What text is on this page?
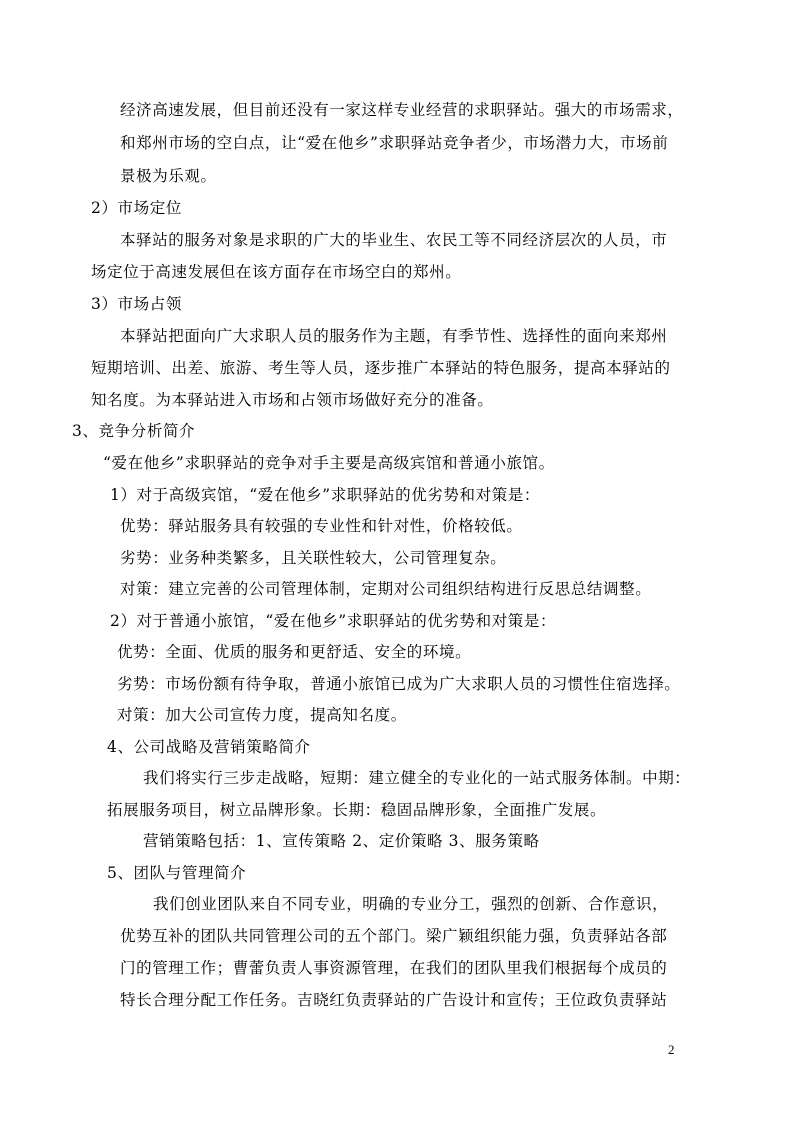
经济高速发展，但目前还没有一家这样专业经营的求职驿站。强大的市场需求，
和郑州市场的空白点，让“爱在他乡”求职驿站竞争者少，市场潜力大，市场前
景极为乐观。
2）市场定位
本驿站的服务对象是求职的广大的毕业生、农民工等不同经济层次的人员，市
场定位于高速发展但在该方面存在市场空白的郑州。
3）市场占领
本驿站把面向广大求职人员的服务作为主题，有季节性、选择性的面向来郑州
短期培训、出差、旅游、考生等人员，逐步推广本驿站的特色服务，提高本驿站的
知名度。为本驿站进入市场和占领市场做好充分的准备。
3、竞争分析简介
“爱在他乡”求职驿站的竞争对手主要是高级宾馆和普通小旅馆。
1）对于高级宾馆，“爱在他乡”求职驿站的优劣势和对策是：
优势：驿站服务具有较强的专业性和针对性，价格较低。
劣势：业务种类繁多，且关联性较大，公司管理复杂。
对策：建立完善的公司管理体制，定期对公司组织结构进行反思总结调整。
2）对于普通小旅馆，“爱在他乡”求职驿站的优劣势和对策是：
优势：全面、优质的服务和更舒适、安全的环境。
劣势：市场份额有待争取，普通小旅馆已成为广大求职人员的习惯性住宿选择。
对策：加大公司宣传力度，提高知名度。
4、公司战略及营销策略简介
我们将实行三步走战略，短期：建立健全的专业化的一站式服务体制。中期：
拓展服务项目，树立品牌形象。长期：稳固品牌形象，全面推广发展。
营销策略包括：1、宣传策略 2、定价策略 3、服务策略
5、团队与管理简介
我们创业团队来自不同专业，明确的专业分工，强烈的创新、合作意识，
优势互补的团队共同管理公司的五个部门。梁广颖组织能力强，负责驿站各部
门的管理工作；曹蕾负责人事资源管理，在我们的团队里我们根据每个成员的
特长合理分配工作任务。吉晓红负责驿站的广告设计和宣传；王位政负责驿站
2
